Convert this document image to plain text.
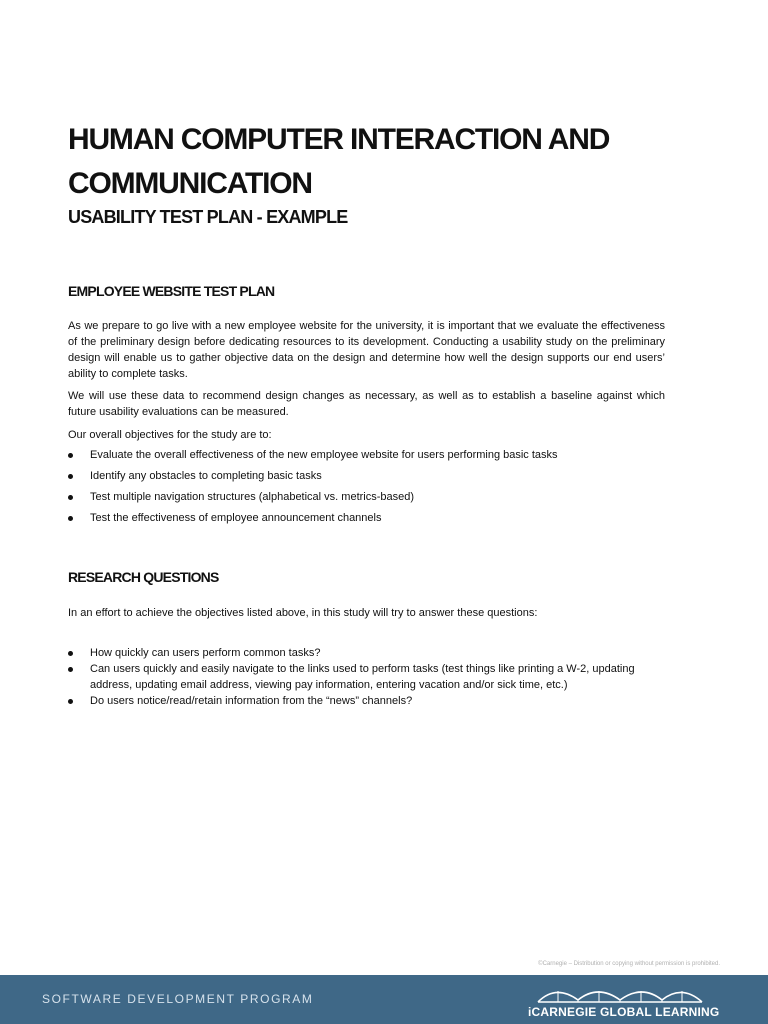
HUMAN COMPUTER INTERACTION AND COMMUNICATION
USABILITY TEST PLAN - EXAMPLE
EMPLOYEE WEBSITE TEST PLAN

As we prepare to go live with a new employee website for the university, it is important that we evaluate the effectiveness of the preliminary design before dedicating resources to its development. Conducting a usability study on the preliminary design will enable us to gather objective data on the design and determine how well the design supports our end users’ ability to complete tasks.

We will use these data to recommend design changes as necessary, as well as to establish a baseline against which future usability evaluations can be measured.

Our overall objectives for the study are to:

Evaluate the overall effectiveness of the new employee website for users performing basic tasks
Identify any obstacles to completing basic tasks
Test multiple navigation structures (alphabetical vs. metrics-based)
Test the effectiveness of employee announcement channels
RESEARCH QUESTIONS

In an effort to achieve the objectives listed above, in this study will try to answer these questions:

How quickly can users perform common tasks?
Can users quickly and easily navigate to the links used to perform tasks (test things like printing a W-2, updating address, updating email address, viewing pay information, entering vacation and/or sick time, etc.)
Do users notice/read/retain information from the “news” channels?
©Carnegie – Distribution or copying without permission is prohibited.
SOFTWARE DEVELOPMENT PROGRAM
iCARNEGIE GLOBAL LEARNING
